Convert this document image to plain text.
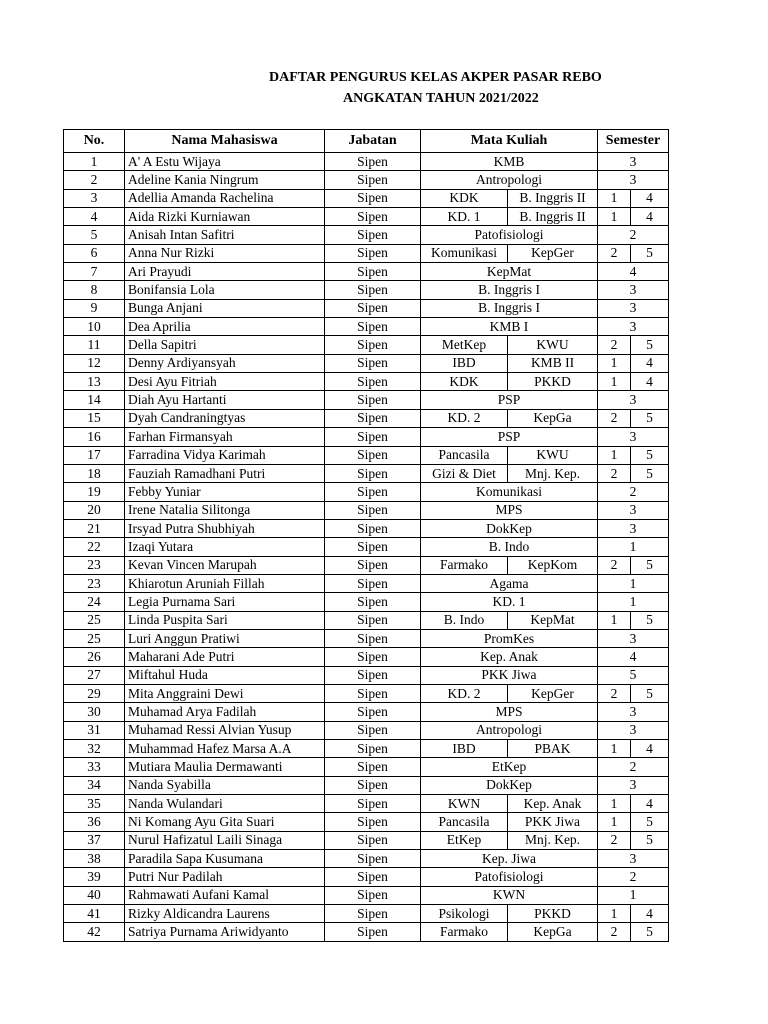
DAFTAR PENGURUS KELAS AKPER PASAR REBO
ANGKATAN TAHUN 2021/2022
No.	Nama Mahasiswa	Jabatan	Mata Kuliah		Semester	
1	A' A Estu Wijaya	Sipen	KMB		3	
2	Adeline Kania Ningrum	Sipen	Antropologi		3	
3	Adellia Amanda Rachelina	Sipen	KDK	B. Inggris II	1	4
4	Aida Rizki Kurniawan	Sipen	KD. 1	B. Inggris II	1	4
5	Anisah Intan Safitri	Sipen	Patofisiologi		2	
6	Anna Nur Rizki	Sipen	Komunikasi	KepGer	2	5
7	Ari Prayudi	Sipen	KepMat		4	
8	Bonifansia Lola	Sipen	B. Inggris I		3	
9	Bunga Anjani	Sipen	B. Inggris I		3	
10	Dea Aprilia	Sipen	KMB I		3	
11	Della Sapitri	Sipen	MetKep	KWU	2	5
12	Denny Ardiyansyah	Sipen	IBD	KMB II	1	4
13	Desi Ayu Fitriah	Sipen	KDK	PKKD	1	4
14	Diah Ayu Hartanti	Sipen	PSP		3	
15	Dyah Candraningtyas	Sipen	KD. 2	KepGa	2	5
16	Farhan Firmansyah	Sipen	PSP		3	
17	Farradina Vidya Karimah	Sipen	Pancasila	KWU	1	5
18	Fauziah Ramadhani Putri	Sipen	Gizi & Diet	Mnj. Kep.	2	5
19	Febby Yuniar	Sipen	Komunikasi		2	
20	Irene Natalia Silitonga	Sipen	MPS		3	
21	Irsyad Putra Shubhiyah	Sipen	DokKep		3	
22	Izaqi Yutara	Sipen	B. Indo		1	
23	Kevan Vincen Marupah	Sipen	Farmako	KepKom	2	5
23	Khiarotun Aruniah Fillah	Sipen	Agama		1	
24	Legia Purnama Sari	Sipen	KD. 1		1	
25	Linda Puspita Sari	Sipen	B. Indo	KepMat	1	5
25	Luri Anggun Pratiwi	Sipen	PromKes		3	
26	Maharani Ade Putri	Sipen	Kep. Anak		4	
27	Miftahul Huda	Sipen	PKK Jiwa		5	
29	Mita Anggraini Dewi	Sipen	KD. 2	KepGer	2	5
30	Muhamad Arya Fadilah	Sipen	MPS		3	
31	Muhamad Ressi Alvian Yusup	Sipen	Antropologi		3	
32	Muhammad Hafez Marsa A.A	Sipen	IBD	PBAK	1	4
33	Mutiara Maulia Dermawanti	Sipen	EtKep		2	
34	Nanda Syabilla	Sipen	DokKep		3	
35	Nanda Wulandari	Sipen	KWN	Kep. Anak	1	4
36	Ni Komang Ayu Gita Suari	Sipen	Pancasila	PKK Jiwa	1	5
37	Nurul Hafizatul Laili Sinaga	Sipen	EtKep	Mnj. Kep.	2	5
38	Paradila Sapa Kusumana	Sipen	Kep. Jiwa		3	
39	Putri Nur Padilah	Sipen	Patofisiologi		2	
40	Rahmawati Aufani Kamal	Sipen	KWN		1	
41	Rizky Aldicandra Laurens	Sipen	Psikologi	PKKD	1	4
42	Satriya Purnama Ariwidyanto	Sipen	Farmako	KepGa	2	5
